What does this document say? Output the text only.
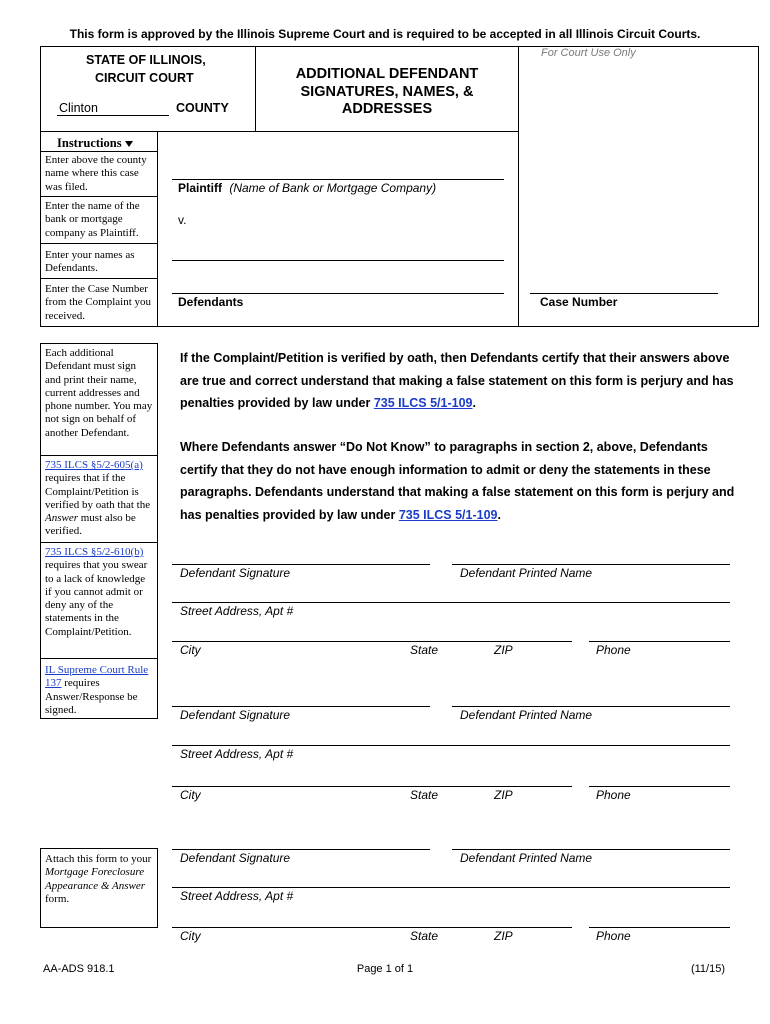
This form is approved by the Illinois Supreme Court and is required to be accepted in all Illinois Circuit Courts.
For Court Use Only
STATE OF ILLINOIS,
CIRCUIT COURT
Clinton	COUNTY
ADDITIONAL DEFENDANT
SIGNATURES, NAMES, &
ADDRESSES
Instructions
Enter above the county name where this case was filed.
Enter the name of the bank or mortgage company as Plaintiff.
Enter your names as Defendants.
Enter the Case Number from the Complaint you received.
Plaintiff (Name of Bank or Mortgage Company)
v.
Defendants	Case Number
Each additional Defendant must sign and print their name, current addresses and phone number. You may not sign on behalf of another Defendant.
735 ILCS §5/2-605(a) requires that if the Complaint/Petition is verified by oath that the Answer must also be verified.
735 ILCS §5/2-610(b) requires that you swear to a lack of knowledge if you cannot admit or deny any of the statements in the Complaint/Petition.
IL Supreme Court Rule 137 requires Answer/Response be signed.
Attach this form to your Mortgage Foreclosure Appearance & Answer form.
If the Complaint/Petition is verified by oath, then Defendants certify that their answers above are true and correct understand that making a false statement on this form is perjury and has penalties provided by law under 735 ILCS 5/1-109.
Where Defendants answer “Do Not Know” to paragraphs in section 2, above, Defendants certify that they do not have enough information to admit or deny the statements in these paragraphs. Defendants understand that making a false statement on this form is perjury and has penalties provided by law under 735 ILCS 5/1-109.
Defendant Signature	Defendant Printed Name
Street Address, Apt #
City	State	ZIP	Phone
Defendant Signature	Defendant Printed Name
Street Address, Apt #
City	State	ZIP	Phone
Defendant Signature	Defendant Printed Name
Street Address, Apt #
City	State	ZIP	Phone
AA-ADS 918.1	Page 1 of 1	(11/15)
